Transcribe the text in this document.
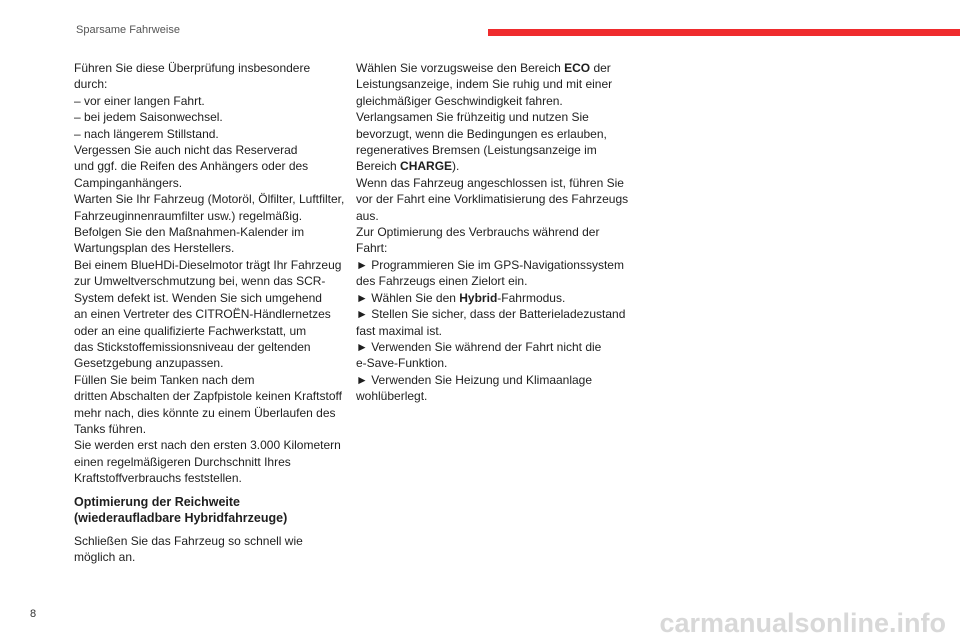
Sparsame Fahrweise
Führen Sie diese Überprüfung insbesondere
durch:
– vor einer langen Fahrt.
– bei jedem Saisonwechsel.
– nach längerem Stillstand.
Vergessen Sie auch nicht das Reserverad
und ggf. die Reifen des Anhängers oder des
Campinganhängers.
Warten Sie Ihr Fahrzeug (Motoröl, Ölfilter, Luftfilter,
Fahrzeuginnenraumfilter usw.) regelmäßig.
Befolgen Sie den Maßnahmen-Kalender im
Wartungsplan des Herstellers.
Bei einem BlueHDi-Dieselmotor trägt Ihr Fahrzeug
zur Umweltverschmutzung bei, wenn das SCR-
System defekt ist. Wenden Sie sich umgehend
an einen Vertreter des CITROËN-Händlernetzes
oder an eine qualifizierte Fachwerkstatt, um
das Stickstoffemissionsniveau der geltenden
Gesetzgebung anzupassen.
Füllen Sie beim Tanken nach dem
dritten Abschalten der Zapfpistole keinen Kraftstoff
mehr nach, dies könnte zu einem Überlaufen des
Tanks führen.
Sie werden erst nach den ersten 3.000 Kilometern
einen regelmäßigeren Durchschnitt Ihres
Kraftstoffverbrauchs feststellen.
Optimierung der Reichweite
(wiederaufladbare Hybridfahrzeuge)
Schließen Sie das Fahrzeug so schnell wie
möglich an.
Wählen Sie vorzugsweise den Bereich ECO der
Leistungsanzeige, indem Sie ruhig und mit einer
gleichmäßiger Geschwindigkeit fahren.
Verlangsamen Sie frühzeitig und nutzen Sie
bevorzugt, wenn die Bedingungen es erlauben,
regeneratives Bremsen (Leistungsanzeige im
Bereich CHARGE).
Wenn das Fahrzeug angeschlossen ist, führen Sie
vor der Fahrt eine Vorklimatisierung des Fahrzeugs
aus.
Zur Optimierung des Verbrauchs während der
Fahrt:
► Programmieren Sie im GPS-Navigationssystem
des Fahrzeugs einen Zielort ein.
► Wählen Sie den Hybrid-Fahrmodus.
► Stellen Sie sicher, dass der Batterieladezustand
fast maximal ist.
► Verwenden Sie während der Fahrt nicht die
e-Save-Funktion.
► Verwenden Sie Heizung und Klimaanlage
wohlüberlegt.
8	carmanualsonline.info
